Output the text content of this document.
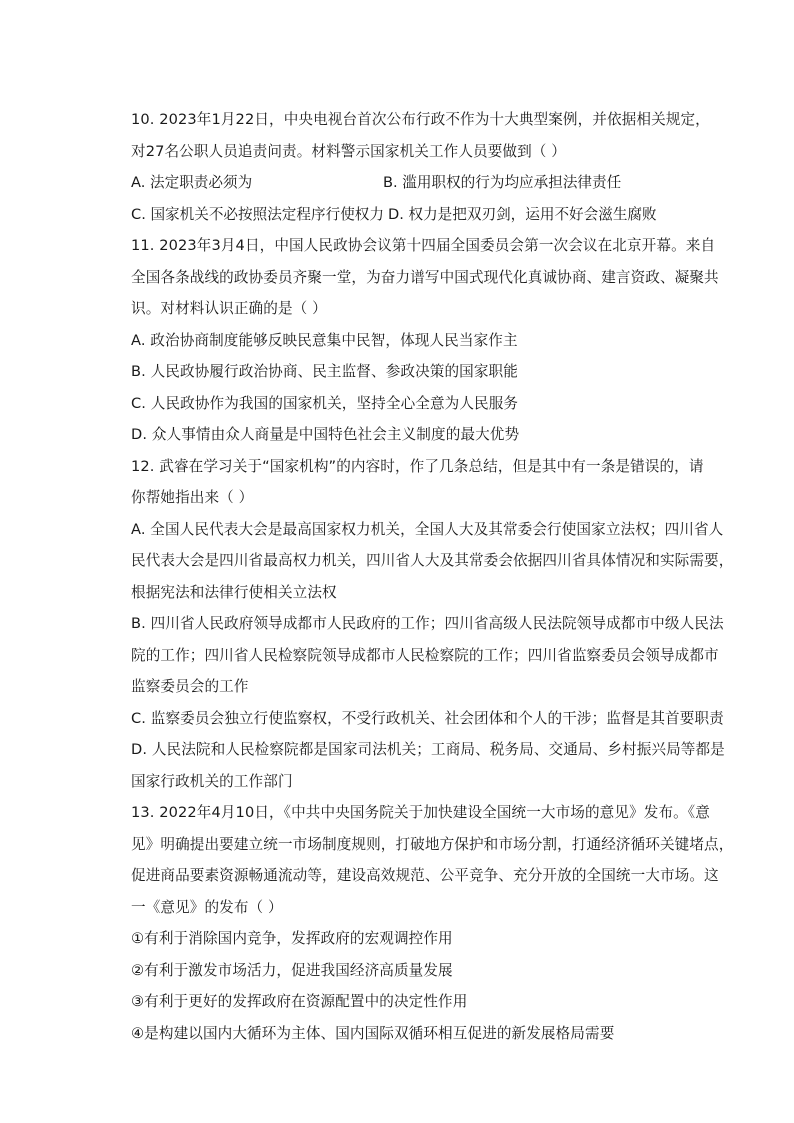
10. 2023年1月22日，中央电视台首次公布行政不作为十大典型案例，并依据相关规定，
对27名公职人员追责问责。材料警示国家机关工作人员要做到（ ）
A. 法定职责必须为	B. 滥用职权的行为均应承担法律责任
C. 国家机关不必按照法定程序行使权力 D. 权力是把双刃剑，运用不好会滋生腐败
11. 2023年3月4日，中国人民政协会议第十四届全国委员会第一次会议在北京开幕。来自
全国各条战线的政协委员齐聚一堂，为奋力谱写中国式现代化真诚协商、建言资政、凝聚共
识。对材料认识正确的是（ ）
A. 政治协商制度能够反映民意集中民智，体现人民当家作主
B. 人民政协履行政治协商、民主监督、参政决策的国家职能
C. 人民政协作为我国的国家机关，坚持全心全意为人民服务
D. 众人事情由众人商量是中国特色社会主义制度的最大优势
12. 武睿在学习关于“国家机构”的内容时，作了几条总结，但是其中有一条是错误的，请
你帮她指出来（ ）
A. 全国人民代表大会是最高国家权力机关，全国人大及其常委会行使国家立法权；四川省人
民代表大会是四川省最高权力机关，四川省人大及其常委会依据四川省具体情况和实际需要，
根据宪法和法律行使相关立法权
B. 四川省人民政府领导成都市人民政府的工作；四川省高级人民法院领导成都市中级人民法
院的工作；四川省人民检察院领导成都市人民检察院的工作；四川省监察委员会领导成都市
监察委员会的工作
C. 监察委员会独立行使监察权，不受行政机关、社会团体和个人的干涉；监督是其首要职责
D. 人民法院和人民检察院都是国家司法机关；工商局、税务局、交通局、乡村振兴局等都是
国家行政机关的工作部门
13. 2022年4月10日，《中共中央国务院关于加快建设全国统一大市场的意见》发布。《意
见》明确提出要建立统一市场制度规则，打破地方保护和市场分割，打通经济循环关键堵点，
促进商品要素资源畅通流动等，建设高效规范、公平竞争、充分开放的全国统一大市场。这
一《意见》的发布（ ）
①有利于消除国内竞争，发挥政府的宏观调控作用
②有利于激发市场活力，促进我国经济高质量发展
③有利于更好的发挥政府在资源配置中的决定性作用
④是构建以国内大循环为主体、国内国际双循环相互促进的新发展格局需要
